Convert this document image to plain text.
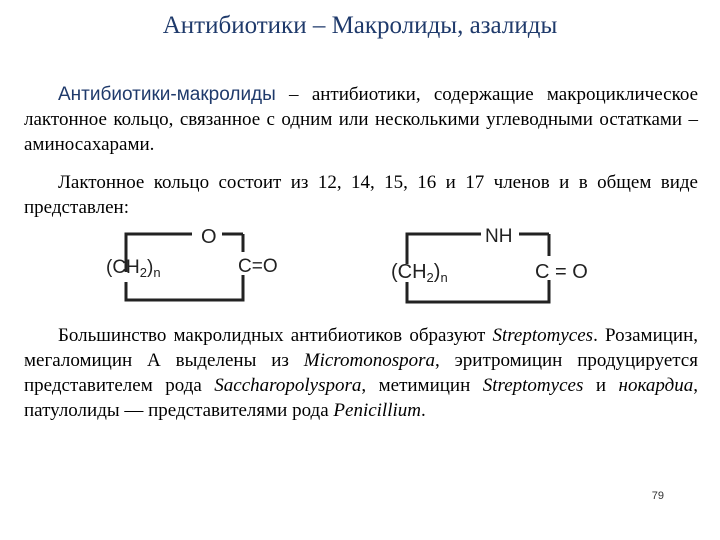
Антибиотики – Макролиды, азалиды

Антибиотики-макролиды – антибиотики, содержащие макроциклическое лактонное кольцо, связанное с одним или несколькими углеводными остатками – аминосахарами.

Лактонное кольцо состоит из 12, 14, 15, 16 и 17 членов и в общем виде представлен:

O
$(CH_2)_n$	C=O
NH
$(CH_2)_n$	C = O

Большинство макролидных антибиотиков образуют Streptomyces. Розамицин, мегаломицин А выделены из Micromonospora, эритромицин продуцируется представителем рода Saccharopolyspora, метимицин Streptomyces и нокардиа, патулолиды — представителями рода Penicillium.

79
